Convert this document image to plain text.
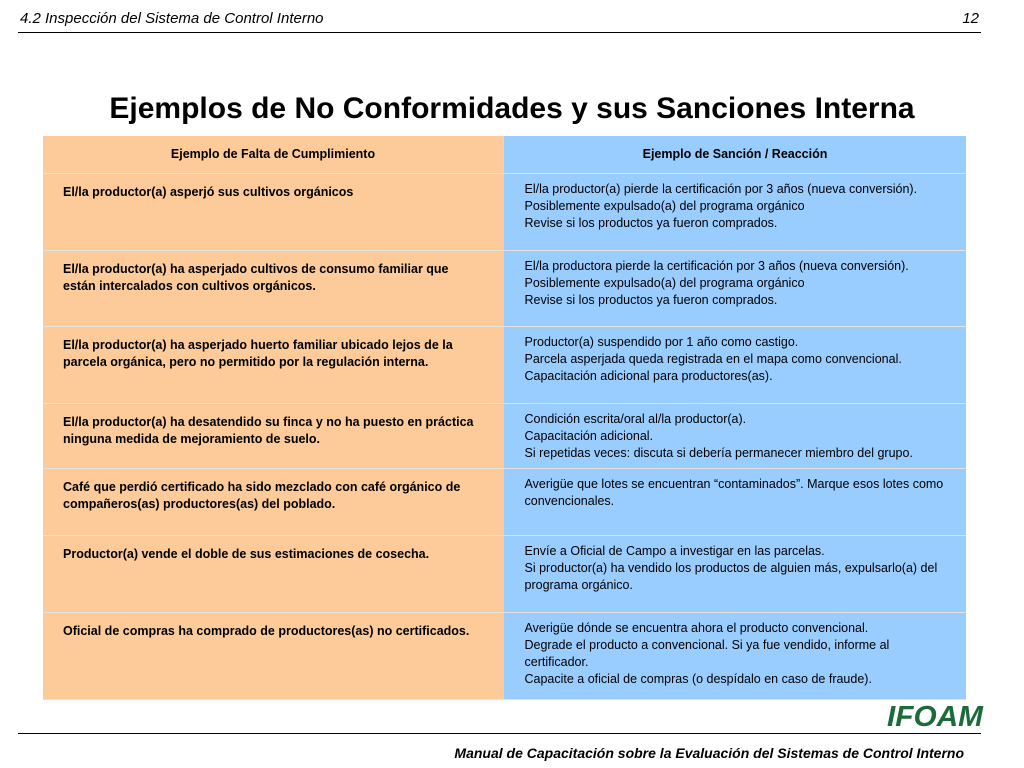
4.2 Inspección del Sistema de Control Interno	12
Ejemplos de No Conformidades y sus Sanciones Interna
Ejemplo de Falta de Cumplimiento	Ejemplo de Sanción / Reacción

El/la productor(a) asperjó sus cultivos orgánicos	El/la productor(a) pierde la certificación por 3 años (nueva conversión).
Posiblemente expulsado(a) del programa orgánico
Revise si los productos ya fueron comprados.

El/la productor(a) ha asperjado cultivos de consumo familiar que están intercalados con cultivos orgánicos.	El/la productora pierde la certificación por 3 años (nueva conversión).
Posiblemente expulsado(a) del programa orgánico
Revise si los productos ya fueron comprados.

El/la productor(a) ha asperjado huerto familiar ubicado lejos de la parcela orgánica, pero no permitido por la regulación interna.	Productor(a) suspendido por 1 año como castigo.
Parcela asperjada queda registrada en el mapa como convencional.
Capacitación adicional para productores(as).

El/la productor(a) ha desatendido su finca y no ha puesto en práctica ninguna medida de mejoramiento de suelo.	Condición escrita/oral al/la productor(a).
Capacitación adicional.
Si repetidas veces: discuta si debería permanecer miembro del grupo.

Café que perdió certificado ha sido mezclado con café orgánico de compañeros(as) productores(as) del poblado.	Averigüe que lotes se encuentran “contaminados”. Marque esos lotes como convencionales.

Productor(a) vende el doble de sus estimaciones de cosecha.	Envíe a Oficial de Campo a investigar en las parcelas.
Si productor(a) ha vendido los productos de alguien más, expulsarlo(a) del programa orgánico.

Oficial de compras ha comprado de productores(as) no certificados.	Averigüe dónde se encuentra ahora el producto convencional.
Degrade el producto a convencional. Si ya fue vendido, informe al certificador.
Capacite a oficial de compras (o despídalo en caso de fraude).
IFOAM
Manual de Capacitación sobre la Evaluación del Sistemas de Control Interno
